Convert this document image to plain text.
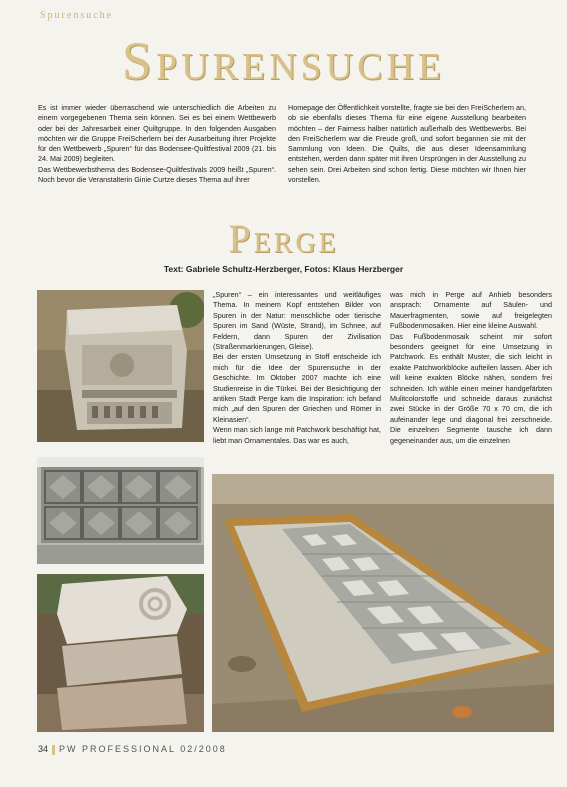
Spurensuche
Spurensuche

Es ist immer wieder überraschend wie unterschiedlich die Arbeiten zu einem vorgegebenen Thema sein können. Sei es bei einem Wettbewerb oder bei der Jahresarbeit einer Quiltgruppe. In den folgenden Ausgaben möchten wir die Gruppe FreiScherlern bei der Ausarbeitung ihrer Projekte für den Wettbewerb „Spuren“ für das Bodensee-Quiltfestival 2009 (21. bis 24. Mai 2009) begleiten.

Das Wettbewerbsthema des Bodensee-Quiltfestivals 2009 heißt „Spuren“. Noch bevor die Veranstalterin Ginie Curtze dieses Thema auf ihrer

Homepage der Öffentlichkeit vorstellte, fragte sie bei den FreiScherlern an, ob sie ebenfalls dieses Thema für eine eigene Ausstellung bearbeiten möchten – der Fairness halber natürlich außerhalb des Wettbewerbs. Bei den FreiScherlern war die Freude groß, und sofort begannen sie mit der Sammlung von Ideen. Die Quilts, die aus dieser Ideensammlung entstehen, werden dann später mit ihren Ursprüngen in der Ausstellung zu sehen sein. Drei Arbeiten sind schon fertig. Diese möchten wir Ihnen hier vorstellen.

Perge
Text: Gabriele Schultz-Herzberger, Fotos: Klaus Herzberger

„Spuren“ – ein interessantes und weitläufiges Thema. In meinem Kopf entstehen Bilder von Spuren in der Natur: menschliche oder tierische Spuren im Sand (Wüste, Strand), im Schnee, auf Feldern, dann Spuren der Zivilisation (Straßenmarkierungen, Gleise).

Bei der ersten Umsetzung in Stoff entscheide ich mich für die Idee der Spurensuche in der Geschichte. Im Oktober 2007 machte ich eine Studienreise in die Türkei. Bei der Besichtigung der antiken Stadt Perge kam die Inspiration: ich befand mich „auf den Spuren der Griechen und Römer in Kleinasien“.

Wenn man sich lange mit Patchwork beschäftigt hat, liebt man Ornamentales. Das war es auch,

was mich in Perge auf Anhieb besonders ansprach: Ornamente auf Säulen- und Mauerfragmenten, sowie auf freigelegten Fußbodenmosaiken. Hier eine kleine Auswahl.

Das Fußbodenmosaik scheint mir sofort besonders geeignet für eine Umsetzung in Patchwork. Es enthält Muster, die sich leicht in exakte Patchworkblöcke aufteilen lassen. Aber ich will keine exakten Blöcke nähen, sondern frei schneiden. Ich wähle einen meiner handgefärbten Mulitcolorstoffe und schneide daraus zunächst zwei Stücke in der Größe 70 x 70 cm, die ich aufeinander lege und diagonal frei zerschneide. Die einzelnen Segmente tausche ich dann gegeneinander aus, um die einzelnen

34 PW PROFESSIONAL 02/2008
